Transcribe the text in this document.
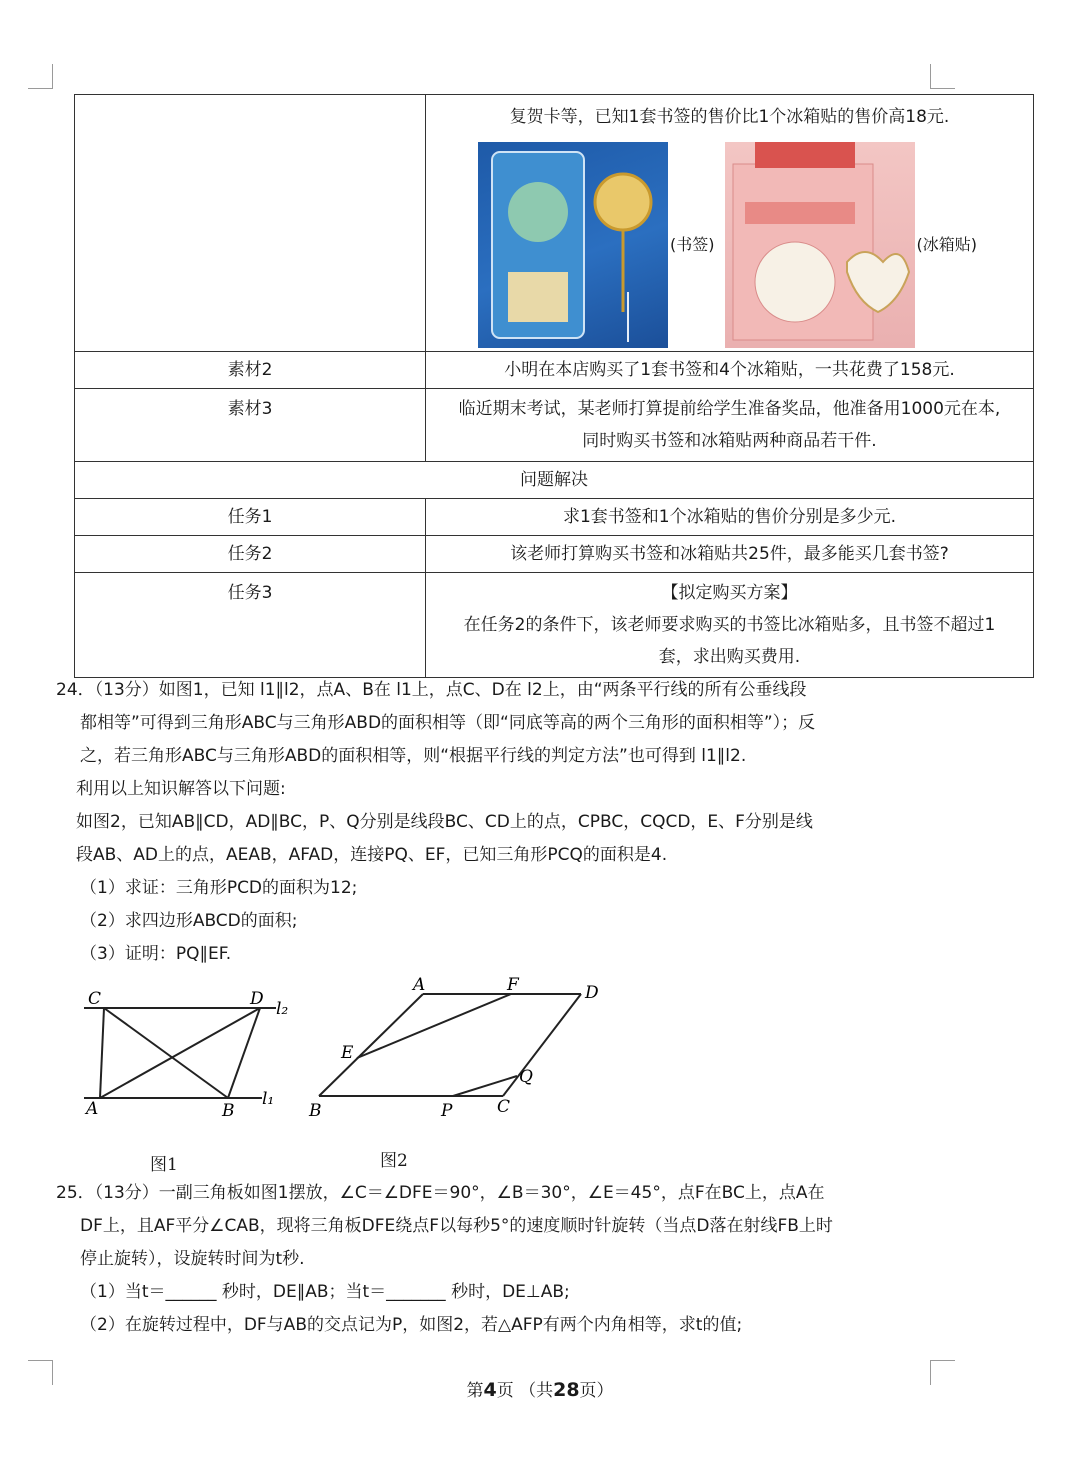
	复贺卡等，已知1套书签的售价比1个冰箱贴的售价高18元.
(书签) (冰箱贴)

素材2	小明在本店购买了1套书签和4个冰箱贴，一共花费了158元.
素材3	临近期末考试，某老师打算提前给学生准备奖品，他准备用1000元在本,
同时购买书签和冰箱贴两种商品若干件.

问题解决	
任务1	求1套书签和1个冰箱贴的售价分别是多少元.
任务2	该老师打算购买书签和冰箱贴共25件，最多能买几套书签?
任务3	【拟定购买方案】
在任务2的条件下，该老师要求购买的书签比冰箱贴多，且书签不超过1
套，求出购买费用.
24．（13分）如图1，已知 l1∥l2，点A、B在 l1上，点C、D在 l2上，由“两条平行线的所有公垂线段
都相等”可得到三角形ABC与三角形ABD的面积相等（即“同底等高的两个三角形的面积相等”）；反
之，若三角形ABC与三角形ABD的面积相等，则“根据平行线的判定方法”也可得到 l1∥l2.
利用以上知识解答以下问题:
如图2，已知AB∥CD，AD∥BC，P、Q分别是线段BC、CD上的点，CPBC，CQCD，E、F分别是线
段AB、AD上的点，AEAB，AFAD，连接PQ、EF，已知三角形PCQ的面积是4.
（1）求证：三角形PCD的面积为12;
（2）求四边形ABCD的面积;
（3）证明：PQ∥EF.
C	D l₂
A	B
l₁
图1
A	F	D
E
Q
B	P	C
图2
25．（13分）一副三角板如图1摆放，∠C＝∠DFE＝90°，∠B＝30°，∠E＝45°，点F在BC上，点A在
DF上，且AF平分∠CAB，现将三角板DFE绕点F以每秒5°的速度顺时针旋转（当点D落在射线FB上时
停止旋转），设旋转时间为t秒.
（1）当t＝______ 秒时，DE∥AB；当t＝_______ 秒时，DE⊥AB;
（2）在旋转过程中，DF与AB的交点记为P，如图2，若△AFP有两个内角相等，求t的值;
第4页 （共28页）
